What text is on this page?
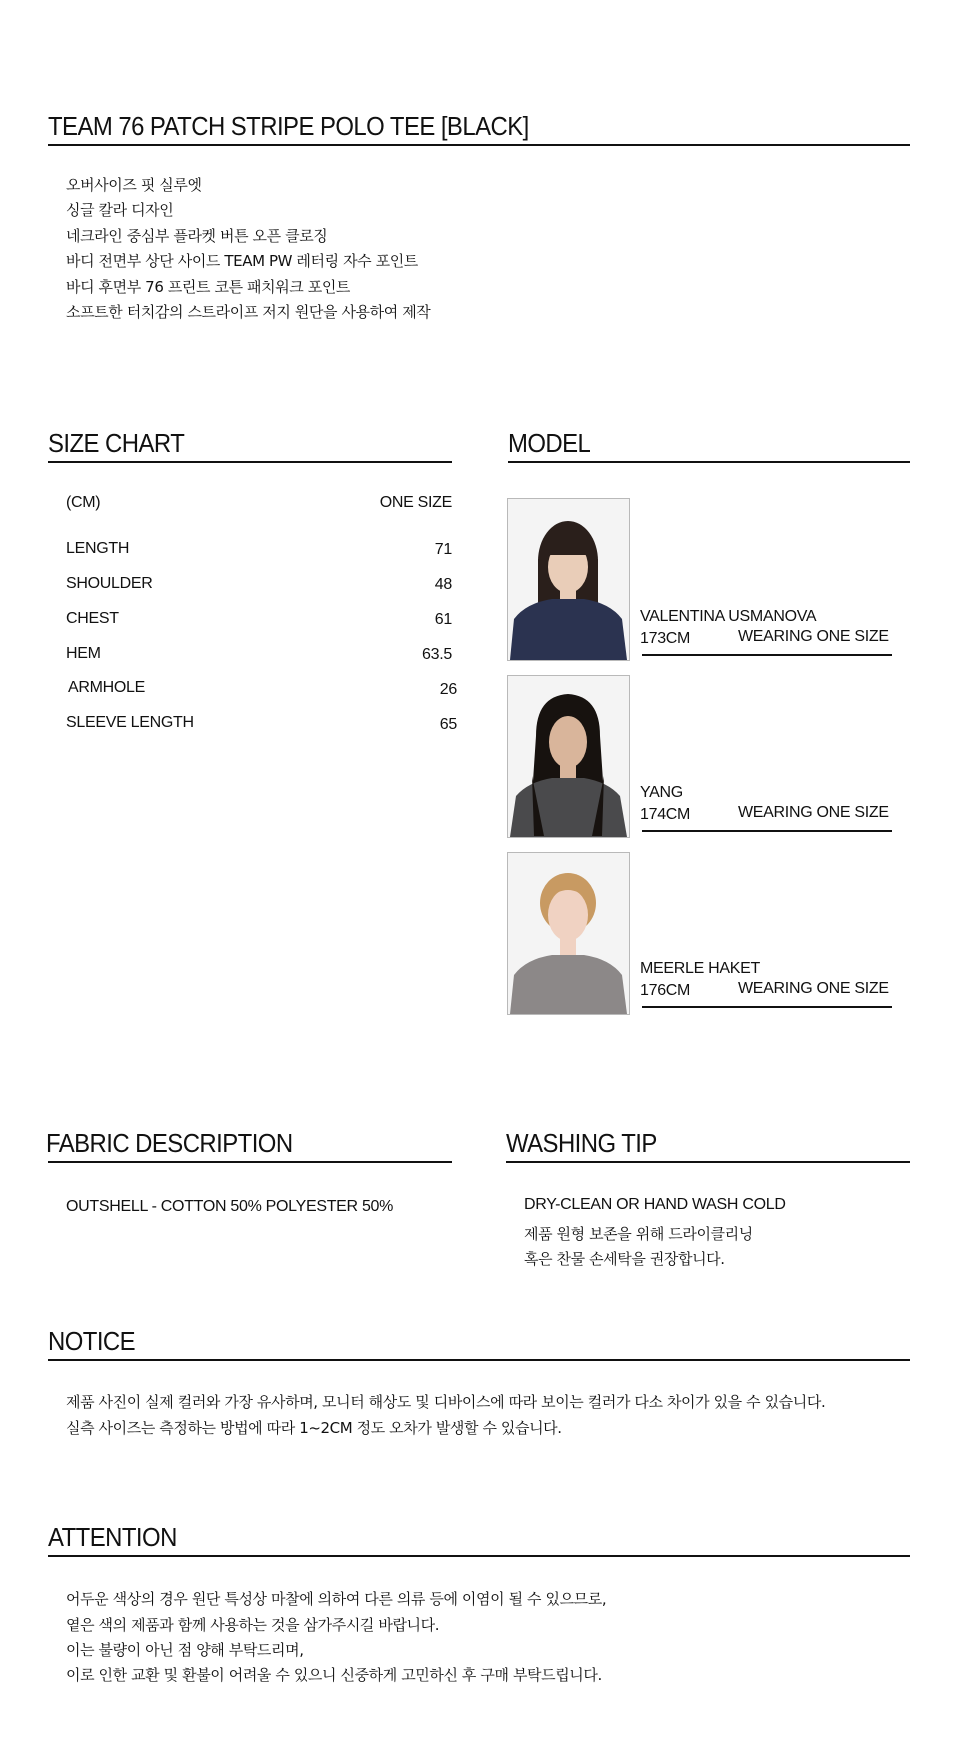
TEAM 76 PATCH STRIPE POLO TEE [BLACK]
오버사이즈 핏 실루엣
싱글 칼라 디자인
네크라인 중심부 플라켓 버튼 오픈 클로징
바디 전면부 상단 사이드 TEAM PW 레터링 자수 포인트
바디 후면부 76 프린트 코튼 패치워크 포인트
소프트한 터치감의 스트라이프 저지 원단을 사용하여 제작
SIZE CHART
(CM)	ONE SIZE
LENGTH	71
SHOULDER	48
CHEST	61
HEM	63.5
ARMHOLE	26
SLEEVE LENGTH	65
MODEL
VALENTINA USMANOVA
173CM	WEARING ONE SIZE
YANG
174CM	WEARING ONE SIZE
MEERLE HAKET
176CM	WEARING ONE SIZE
FABRIC DESCRIPTION
OUTSHELL - COTTON 50% POLYESTER 50%
WASHING TIP
DRY-CLEAN OR HAND WASH COLD
제품 원형 보존을 위해 드라이클리닝
혹은 찬물 손세탁을 권장합니다.
NOTICE
제품 사진이 실제 컬러와 가장 유사하며, 모니터 해상도 및 디바이스에 따라 보이는 컬러가 다소 차이가 있을 수 있습니다.
실측 사이즈는 측정하는 방법에 따라 1~2CM 정도 오차가 발생할 수 있습니다.
ATTENTION
어두운 색상의 경우 원단 특성상 마찰에 의하여 다른 의류 등에 이염이 될 수 있으므로,
옅은 색의 제품과 함께 사용하는 것을 삼가주시길 바랍니다.
이는 불량이 아닌 점 양해 부탁드리며,
이로 인한 교환 및 환불이 어려울 수 있으니 신중하게 고민하신 후 구매 부탁드립니다.
